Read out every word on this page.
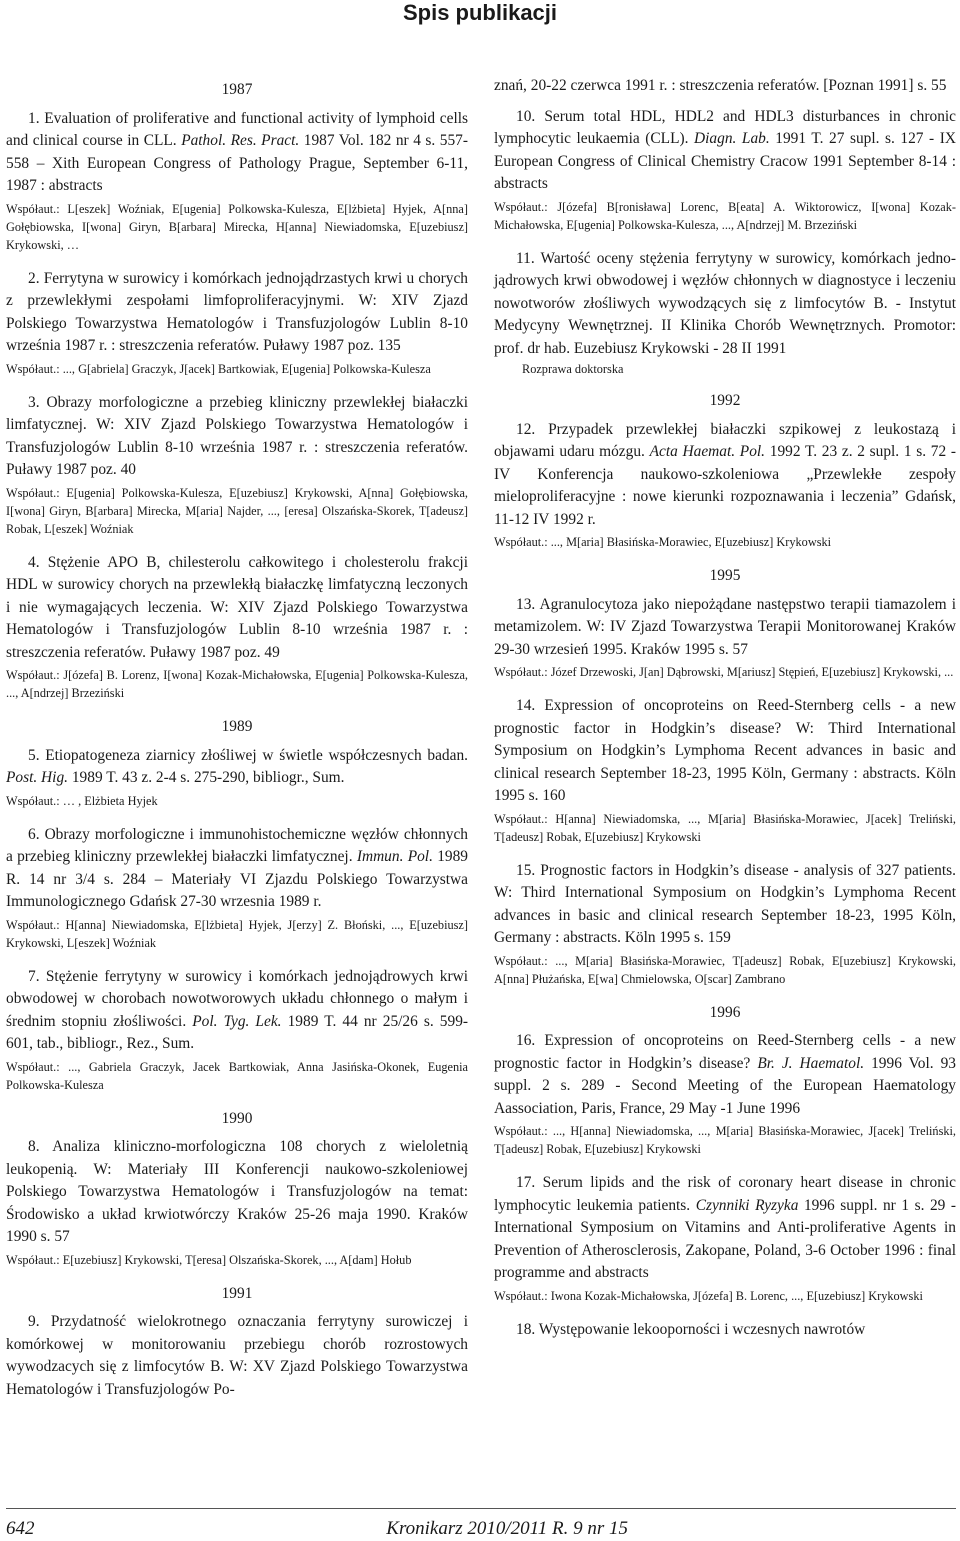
Spis publikacji
1987

1. Evaluation of proliferative and functional activity of lymphoid cells and clinical course in CLL. Pathol. Res. Pract. 1987 Vol. 182 nr 4 s. 557-558 – Xith European Congress of Pathology Prague, September 6-11, 1987 : abstracts

Współaut.: L[eszek] Woźniak, E[ugenia] Polkowska-Kulesza, E[lżbieta] Hyjek, A[nna] Gołębiowska, I[wona] Giryn, B[arbara] Mirecka, H[anna] Niewiadomska, E[uzebiusz] Krykowski, …

2. Ferrytyna w surowicy i komórkach jednojądrzastych krwi u chorych z przewlekłymi zespołami limfoproliferacyjnymi. W: XIV Zjazd Polskiego Towarzystwa Hematologów i Transfuzjologów Lublin 8-10 września 1987 r. : streszczenia referatów. Puławy 1987 poz. 135

Współaut.: ..., G[abriela] Graczyk, J[acek] Bartkowiak, E[ugenia] Polkowska-Kulesza

3. Obrazy morfologiczne a przebieg kliniczny przewlekłej białaczki limfatycznej. W: XIV Zjazd Polskiego Towarzystwa Hematologów i Transfuzjologów Lublin 8-10 września 1987 r. : streszczenia referatów. Puławy 1987 poz. 40

Współaut.: E[ugenia] Polkowska-Kulesza, E[uzebiusz] Krykowski, A[nna] Gołębiowska, I[wona] Giryn, B[arbara] Mirecka, M[aria] Najder, ..., [eresa] Olszańska-Skorek, T[adeusz] Robak, L[eszek] Woźniak

4. Stężenie APO B, chilesterolu całkowitego i cholesterolu frakcji HDL w surowicy chorych na przewlekłą białaczkę limfatyczną leczonych i nie wymagających leczenia. W: XIV Zjazd Polskiego Towarzystwa Hematologów i Transfuzjologów Lublin 8-10 września 1987 r. : streszczenia referatów. Puławy 1987 poz. 49

Współaut.: J[ózefa] B. Lorenz, I[wona] Kozak-Michałowska, E[ugenia] Polkowska-Kulesza, ..., A[ndrzej] Brzeziński
1989

5. Etiopatogeneza ziarnicy złośliwej w świetle współczesnych badan. Post. Hig. 1989 T. 43 z. 2-4 s. 275-290, bibliogr., Sum.

Współaut.: … , Elżbieta Hyjek

6. Obrazy morfologiczne i immunohistochemiczne węzłów chłonnych a przebieg kliniczny przewlekłej białaczki limfatycznej. Immun. Pol. 1989 R. 14 nr 3/4 s. 284 – Materiały VI Zjazdu Polskiego Towarzystwa Immunologicznego Gdańsk 27-30 wrzesnia 1989 r.

Współaut.: H[anna] Niewiadomska, E[lżbieta] Hyjek, J[erzy] Z. Błoński, ..., E[uzebiusz] Krykowski, L[eszek] Woźniak

7. Stężenie ferrytyny w surowicy i komórkach jednojądrowych krwi obwodowej w chorobach nowotworowych układu chłonnego o małym i średnim stopniu złośliwości. Pol. Tyg. Lek. 1989 T. 44 nr 25/26 s. 599-601, tab., bibliogr., Rez., Sum.

Współaut.: ..., Gabriela Graczyk, Jacek Bartkowiak, Anna Jasińska-Okonek, Eugenia Polkowska-Kulesza
1990

8. Analiza kliniczno-morfologiczna 108 chorych z wieloletnią leukopenią. W: Materiały III Konferencji naukowo-szkoleniowej Polskiego Towarzystwa Hematologów i Transfuzjologów na temat: Środowisko a układ krwiotwórczy Kraków 25-26 maja 1990. Kraków 1990 s. 57

Współaut.: E[uzebiusz] Krykowski, T[eresa] Olszańska-Skorek, ..., A[dam] Hołub
1991

9. Przydatność wielokrotnego oznaczania ferrytyny surowiczej i komórkowej w monitorowaniu przebiegu chorób rozrostowych wywodzacych się z limfocytów B. W: XV Zjazd Polskiego Towarzystwa Hematologów i Transfuzjologów Po-

znań, 20-22 czerwca 1991 r. : streszczenia referatów. [Poznan 1991] s. 55

10. Serum total HDL, HDL2 and HDL3 disturbances in chronic lymphocytic leukaemia (CLL). Diagn. Lab. 1991 T. 27 supl. s. 127 - IX European Congress of Clinical Chemistry Cracow 1991 September 8-14 : abstracts

Współaut.: J[ózefa] B[ronisława] Lorenc, B[eata] A. Wiktorowicz, I[wona] Kozak-Michałowska, E[ugenia] Polkowska-Kulesza, ..., A[ndrzej] M. Brzeziński

11. Wartość oceny stężenia ferrytyny w surowicy, komórkach jedno-jądrowych krwi obwodowej i węzłów chłonnych w diagnostyce i leczeniu nowotworów złośliwych wywodzących się z limfocytów B. - Instytut Medycyny Wewnętrznej. II Klinika Chorób Wewnętrznych. Promotor: prof. dr hab. Euzebiusz Krykowski - 28 II 1991

Rozprawa doktorska
1992

12. Przypadek przewlekłej białaczki szpikowej z leukostazą i objawami udaru mózgu. Acta Haemat. Pol. 1992 T. 23 z. 2 supl. 1 s. 72 - IV Konferencja naukowo-szkoleniowa „Przewlekłe zespoły mieloproliferacyjne : nowe kierunki rozpoznawania i leczenia” Gdańsk, 11-12 IV 1992 r.

Współaut.: ..., M[aria] Błasińska-Morawiec, E[uzebiusz] Krykowski
1995

13. Agranulocytoza jako niepożądane następstwo terapii tiamazolem i metamizolem. W: IV Zjazd Towarzystwa Terapii Monitorowanej Kraków 29-30 wrzesień 1995. Kraków 1995 s. 57

Współaut.: Józef Drzewoski, J[an] Dąbrowski, M[ariusz] Stępień, E[uzebiusz] Krykowski, ...

14. Expression of oncoproteins on Reed-Sternberg cells - a new prognostic factor in Hodgkin’s disease? W: Third International Symposium on Hodgkin’s Lymphoma Recent advances in basic and clinical research September 18-23, 1995 Köln, Germany : abstracts. Köln 1995 s. 160

Współaut.: H[anna] Niewiadomska, ..., M[aria] Błasińska-Morawiec, J[acek] Treliński, T[adeusz] Robak, E[uzebiusz] Krykowski

15. Prognostic factors in Hodgkin’s disease - analysis of 327 patients. W: Third International Symposium on Hodgkin’s Lymphoma Recent advances in basic and clinical research September 18-23, 1995 Köln, Germany : abstracts. Köln 1995 s. 159

Współaut.: ..., M[aria] Błasińska-Morawiec, T[adeusz] Robak, E[uzebiusz] Krykowski, A[nna] Płużańska, E[wa] Chmielowska, O[scar] Zambrano
1996

16. Expression of oncoproteins on Reed-Sternberg cells - a new prognostic factor in Hodgkin’s disease? Br. J. Haematol. 1996 Vol. 93 suppl. 2 s. 289 - Second Meeting of the European Haematology Aassociation, Paris, France, 29 May -1 June 1996

Współaut.: ..., H[anna] Niewiadomska, ..., M[aria] Błasińska-Morawiec, J[acek] Treliński, T[adeusz] Robak, E[uzebiusz] Krykowski

17. Serum lipids and the risk of coronary heart disease in chronic lymphocytic leukemia patients. Czynniki Ryzyka 1996 suppl. nr 1 s. 29 - International Symposium on Vitamins and Anti-proliferative Agents in Prevention of Atherosclerosis, Zakopane, Poland, 3-6 October 1996 : final programme and abstracts

Współaut.: Iwona Kozak-Michałowska, J[ózefa] B. Lorenc, ..., E[uzebiusz] Krykowski

18. Występowanie lekooporności i wczesnych nawrotów

642	Kronikarz 2010/2011 R. 9 nr 15
